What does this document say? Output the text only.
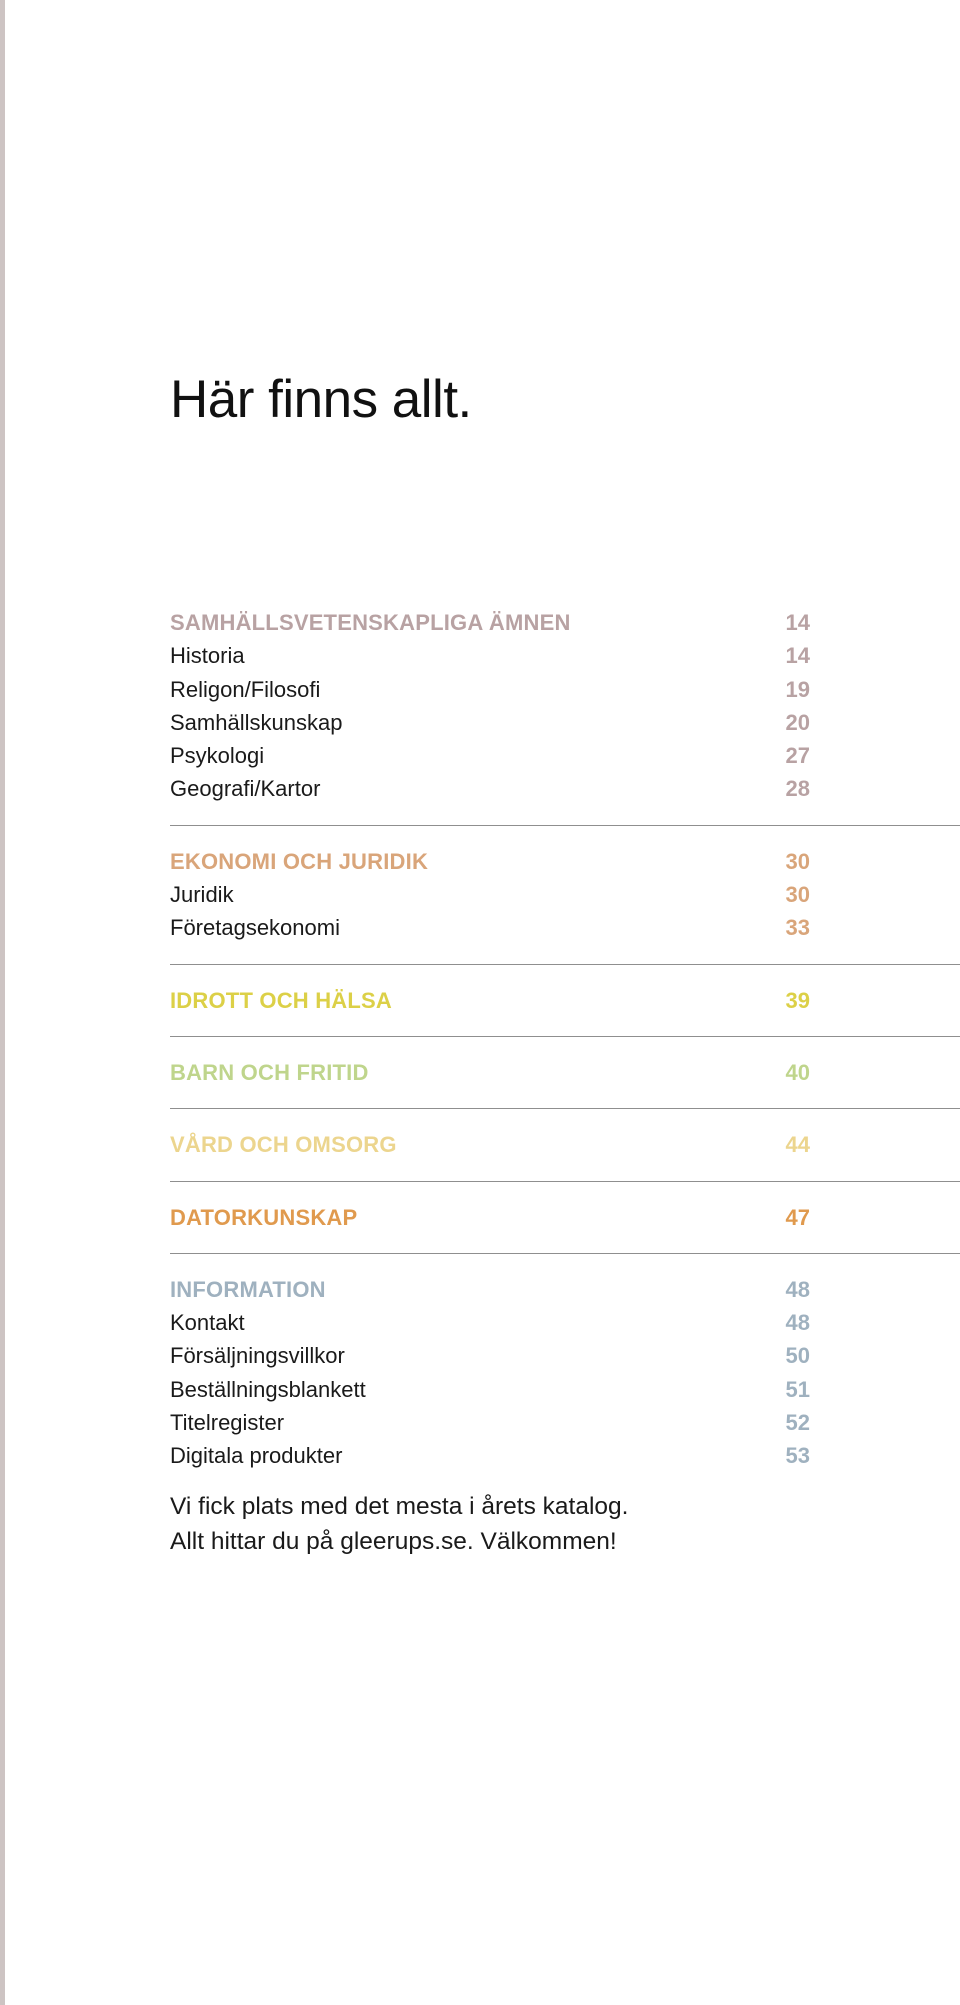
Här finns allt.
SAMHÄLLSVETENSKAPLIGA ÄMNEN	14
Historia	14
Religon/Filosofi	19
Samhällskunskap	20
Psykologi	27
Geografi/Kartor	28
EKONOMI OCH JURIDIK	30
Juridik	30
Företagsekonomi	33
IDROTT OCH HÄLSA	39
BARN OCH FRITID	40
VÅRD OCH OMSORG	44
DATORKUNSKAP	47
INFORMATION	48
Kontakt	48
Försäljningsvillkor	50
Beställningsblankett	51
Titelregister	52
Digitala produkter	53

Vi fick plats med det mesta i årets katalog.

Allt hittar du på gleerups.se. Välkommen!
